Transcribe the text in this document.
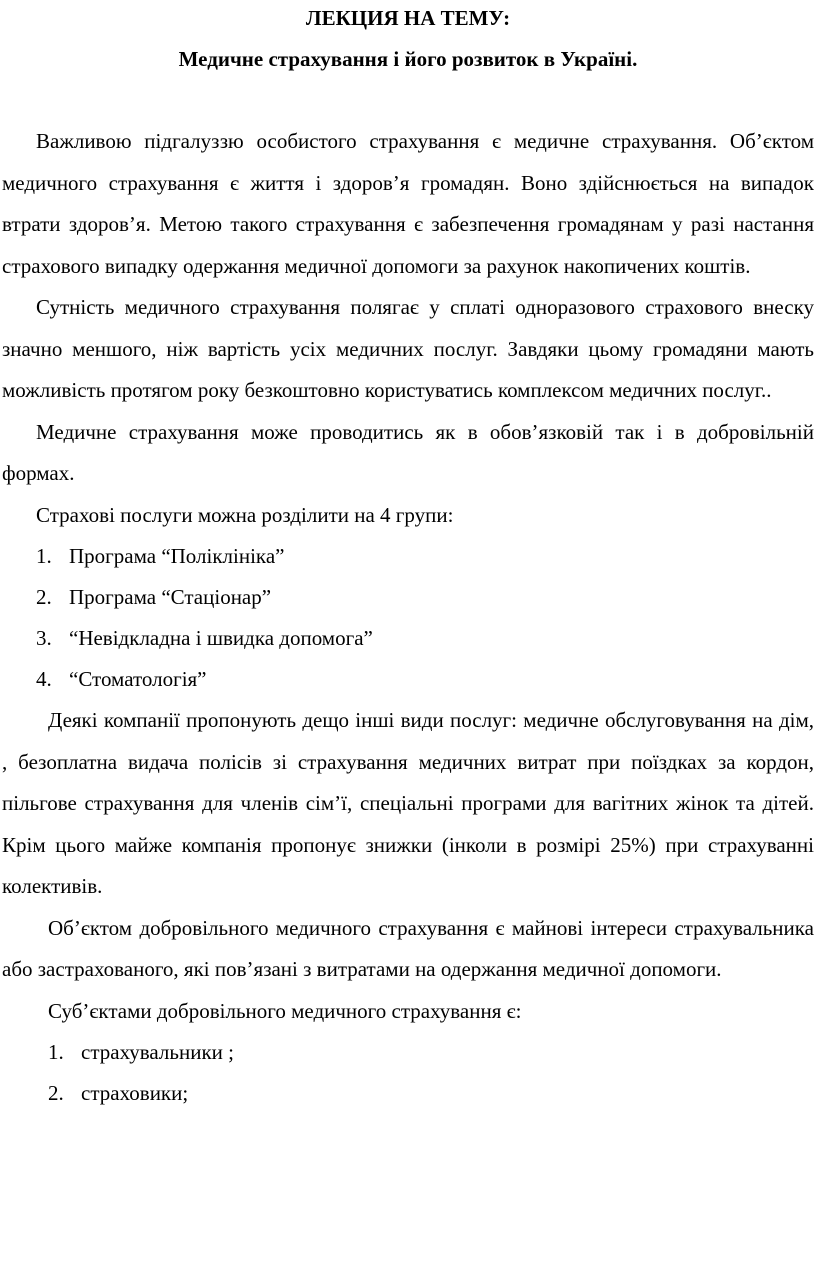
ЛЕКЦИЯ НА ТЕМУ:
Медичне страхування і його розвиток в Україні.

Важливою підгалуззю особистого страхування є медичне страхування. Об’єктом медичного страхування є життя і здоров’я громадян. Воно здійснюється на випадок втрати здоров’я. Метою такого страхування є забезпечення громадянам у разі настання страхового випадку одержання медичної допомоги за рахунок накопичених коштів.

Сутність медичного страхування полягає у сплаті одноразового страхового внеску значно меншого, ніж вартість усіх медичних послуг. Завдяки цьому громадяни мають можливість протягом року безкоштовно користуватись комплексом медичних послуг..

Медичне страхування може проводитись як в обов’язковій так і в добровільній формах.

Страхові послуги можна розділити на 4 групи:

1. Програма “Поліклініка”
2. Програма “Стаціонар”
3. “Невідкладна і швидка допомога”
4. “Стоматологія”

Деякі компанії пропонують дещо інші види послуг: медичне обслуговування на дім, , безоплатна видача полісів зі страхування медичних витрат при поїздках за кордон, пільгове страхування для членів сім’ї, спеціальні програми для вагітних жінок та дітей. Крім цього майже компанія пропонує знижки (інколи в розмірі 25%) при страхуванні колективів.

Об’єктом добровільного медичного страхування є майнові інтереси страхувальника або застрахованого, які пов’язані з витратами на одержання медичної допомоги.

Суб’єктами добровільного медичного страхування є:

1. страхувальники ;
2. страховики;
